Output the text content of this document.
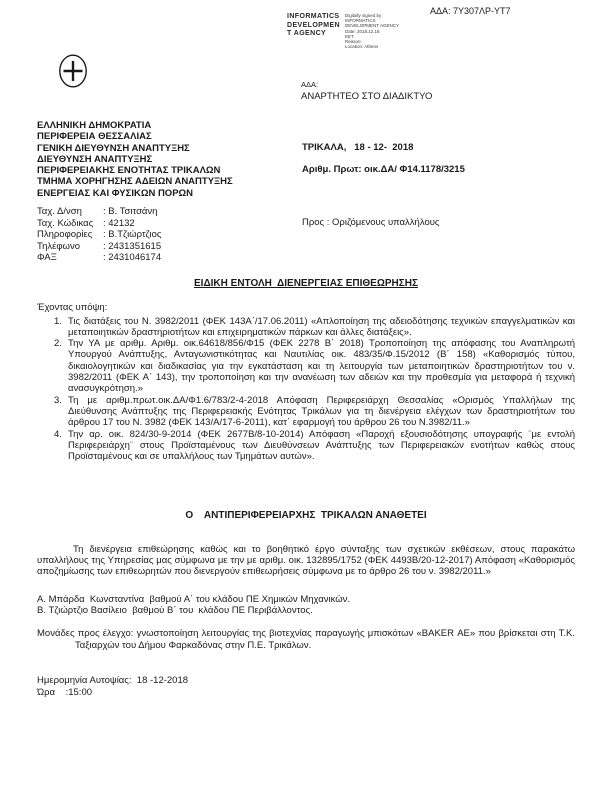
ΑΔΑ: 7Υ307ΛΡ-ΥΤ7
INFORMATICS
DEVELOPMEN
T AGENCY
Digitally signed by
INFORMATICS
DEVELOPMENT AGENCY
Date: 2018.12.18
EET
Reason:
Location: Athens
ΑΔΑ:
ΑΝΑΡΤΗΤΕΟ ΣΤΟ ΔΙΑΔΙΚΤΥΟ
ΕΛΛΗΝΙΚΗ ΔΗΜΟΚΡΑΤΙΑ
ΠΕΡΙΦΕΡΕΙΑ ΘΕΣΣΑΛΙΑΣ
ΓΕΝΙΚΗ ΔΙΕΥΘΥΝΣΗ ΑΝΑΠΤΥΞΗΣ
ΔΙΕΥΘΥΝΣΗ ΑΝΑΠΤΥΞΗΣ
ΠΕΡΙΦΕΡΕΙΑΚΗΣ ΕΝΟΤΗΤΑΣ ΤΡΙΚΑΛΩΝ
ΤΜΗΜΑ ΧΟΡΗΓΗΣΗΣ ΑΔΕΙΩΝ ΑΝΑΠΤΥΞΗΣ
ΕΝΕΡΓΕΙΑΣ ΚΑΙ ΦΥΣΙΚΩΝ ΠΟΡΩΝ
ΤΡΙΚΑΛΑ,   18 - 12-  2018
Αριθμ. Πρωτ: οικ.ΔΑ/ Φ14.1178/3215
Ταχ. Δ/νση	: Β. Τσιτσάνη
Ταχ. Κώδικας	: 42132
Πληροφορίες	: Β.Τζιώρτζιος
Τηλέφωνο	: 2431351615
ΦΑΞ	: 2431046174
Προς : Οριζόμενους υπαλλήλους
ΕΙΔΙΚΗ ΕΝΤΟΛΗ  ΔΙΕΝΕΡΓΕΙΑΣ ΕΠΙΘΕΩΡΗΣΗΣ
Έχοντας υπόψη:
1. Τις διατάξεις του Ν. 3982/2011 (ΦΕΚ 143Α΄/17.06.2011) «Απλοποίηση της αδειοδότησης τεχνικών επαγγελματικών και μεταποιητικών δραστηριοτήτων και επιχειρηματικών πάρκων και άλλες διατάξεις».
2. Την ΥΑ με αριθμ. Αριθμ. οικ.64618/856/Φ15 (ΦΕΚ 2278 Β΄ 2018) Τροποποίηση της απόφασης του Αναπληρωτή Υπουργού Ανάπτυξης, Ανταγωνιστικότητας και Ναυτιλίας οικ. 483/35/Φ.15/2012 (Β΄ 158) «Καθορισμός τύπου, δικαιολογητικών και διαδικασίας για την εγκατάσταση και τη λειτουργία των μεταποιητικών δραστηριοτήτων του ν. 3982/2011 (ΦΕΚ Α΄ 143), την τροποποίηση και την ανανέωση των αδειών και την προθεσμία για μεταφορά ή τεχνική ανασυγκρότηση.»
3. Τη με αριθμ.πρωτ.οικ.ΔΑ/Φ1.6/783/2-4-2018 Απόφαση Περιφερειάρχη Θεσσαλίας «Ορισμός Υπαλλήλων της Διεύθυνσης Ανάπτυξης της Περιφερειακής Ενότητας Τρικάλων για τη διενέργεια ελέγχων των δραστηριοτήτων του άρθρου 17 του Ν. 3982 (ΦΕΚ 143/Α/17-6-2011), κατ΄ εφαρμογή του άρθρου 26 του Ν.3982/11.»
4. Την αρ. οικ. 824/30-9-2014 (ΦΕΚ 2677Β/8-10-2014) Απόφαση «Παροχή εξουσιοδότησης υπογραφής ¨με εντολή Περιφερειάρχη¨ στους Προϊσταμένους των Διευθύνσεων Ανάπτυξης των Περιφερειακών ενοτήτων καθώς στους Προϊσταμένους και σε υπαλλήλους των Τμημάτων αυτών».
Ο    ΑΝΤΙΠΕΡΙΦΕΡΕΙΑΡΧΗΣ  ΤΡΙΚΑΛΩΝ ΑΝΑΘΕΤΕΙ
Τη διενέργεια επιθεώρησης καθώς και το βοηθητικό έργο σύνταξης των σχετικών εκθέσεων, στους παρακάτω υπαλλήλους της Υπηρεσίας μας σύμφωνα με την με αριθμ. οικ. 132895/1752 (ΦΕΚ 4493Β/20-12-2017) Απόφαση «Καθορισμός αποζημίωσης των επιθεωρητών που διενεργούν επιθεωρήσεις σύμφωνα με το άρθρο 26 του ν. 3982/2011.»
Α. Μπάρδα  Κωνσταντίνα  βαθμού Α΄ του κλάδου ΠΕ Χημικών Μηχανικών.
Β. Τζιώρτζιο Βασίλειο  βαθμού Β΄ του  κλάδου ΠΕ Περιβάλλοντος.
Μονάδες προς έλεγχο: γνωστοποίηση λειτουργίας της βιοτεχνίας παραγωγής μπισκότων «ΒΑΚΕR ΑΕ» που βρίσκεται στη Τ.Κ. Ταξιαρχών του Δήμου Φαρκαδόνας στην Π.Ε. Τρικάλων.
Ημερομηνία Αυτοψίας:  18 -12-2018
Ώρα    :15:00
